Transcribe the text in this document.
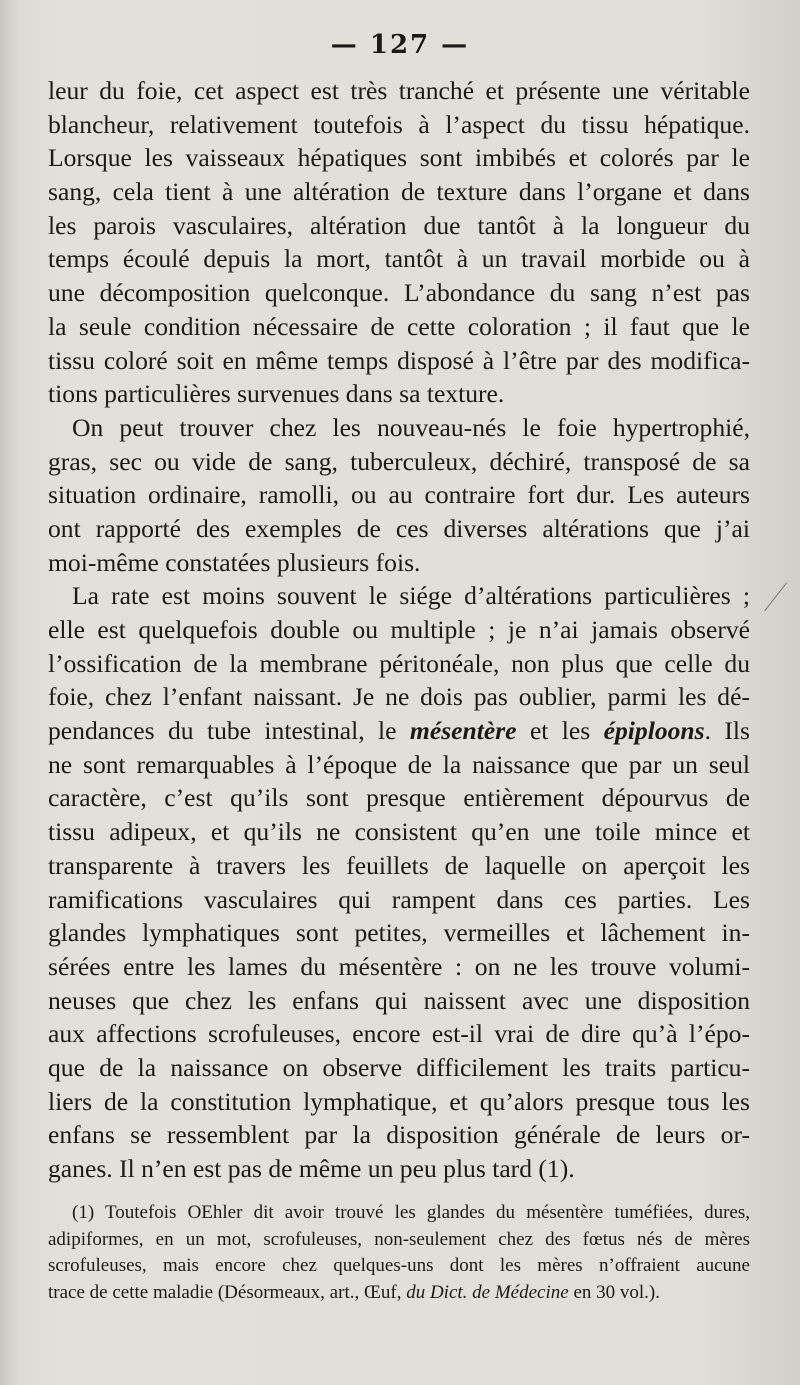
— 127 —
leur du foie, cet aspect est très tranché et présente une véritable
blancheur, relativement toutefois à l’aspect du tissu hépatique.
Lorsque les vaisseaux hépatiques sont imbibés et colorés par le
sang, cela tient à une altération de texture dans l’organe et dans
les parois vasculaires, altération due tantôt à la longueur du
temps écoulé depuis la mort, tantôt à un travail morbide ou à
une décomposition quelconque. L’abondance du sang n’est pas
la seule condition nécessaire de cette coloration ; il faut que le
tissu coloré soit en même temps disposé à l’être par des modifica-
tions particulières survenues dans sa texture.
On peut trouver chez les nouveau-nés le foie hypertrophié,
gras, sec ou vide de sang, tuberculeux, déchiré, transposé de sa
situation ordinaire, ramolli, ou au contraire fort dur. Les auteurs
ont rapporté des exemples de ces diverses altérations que j’ai
moi-même constatées plusieurs fois.
La rate est moins souvent le siége d’altérations particulières ;
elle est quelquefois double ou multiple ; je n’ai jamais observé
l’ossification de la membrane péritonéale, non plus que celle du
foie, chez l’enfant naissant. Je ne dois pas oublier, parmi les dé-
pendances du tube intestinal, le mésentère et les épiploons. Ils
ne sont remarquables à l’époque de la naissance que par un seul
caractère, c’est qu’ils sont presque entièrement dépourvus de
tissu adipeux, et qu’ils ne consistent qu’en une toile mince et
transparente à travers les feuillets de laquelle on aperçoit les
ramifications vasculaires qui rampent dans ces parties. Les
glandes lymphatiques sont petites, vermeilles et lâchement in-
sérées entre les lames du mésentère : on ne les trouve volumi-
neuses que chez les enfans qui naissent avec une disposition
aux affections scrofuleuses, encore est-il vrai de dire qu’à l’épo-
que de la naissance on observe difficilement les traits particu-
liers de la constitution lymphatique, et qu’alors presque tous les
enfans se ressemblent par la disposition générale de leurs or-
ganes. Il n’en est pas de même un peu plus tard (1).
(1) Toutefois OEhler dit avoir trouvé les glandes du mésentère tuméfiées, dures,
adipiformes, en un mot, scrofuleuses, non-seulement chez des fœtus nés de mères
scrofuleuses, mais encore chez quelques-uns dont les mères n’offraient aucune
trace de cette maladie (Désormeaux, art., Œuf, du Dict. de Médecine en 30 vol.).
